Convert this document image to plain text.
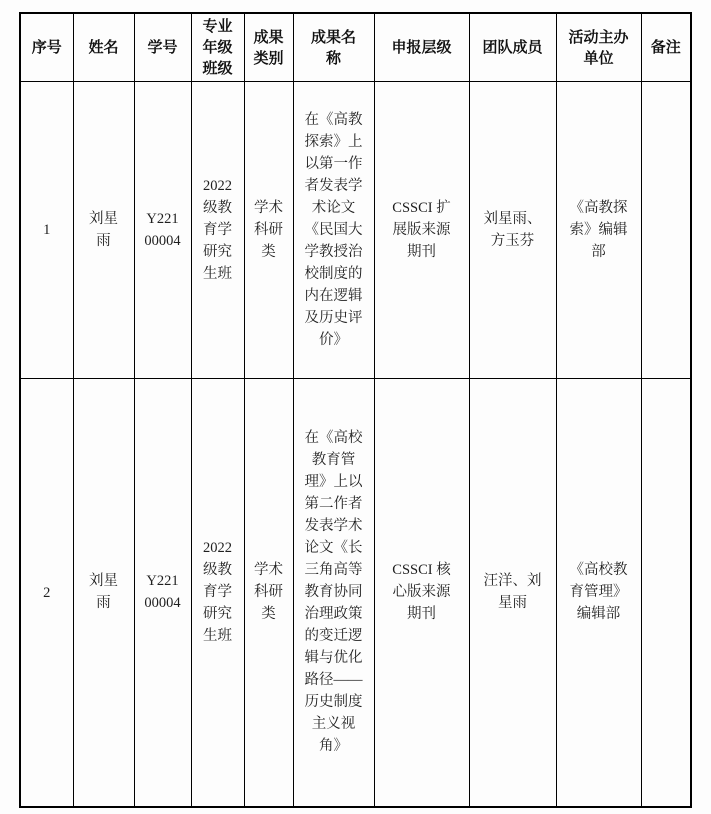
序号	姓名	学号	专业年级班级	成果类别	成果名称	申报层级	团队成员	活动主办单位	备注
1	刘星雨	Y22100004	2022级教育学研究生班	学术科研类	在《高教探索》上以第一作者发表学术论文《民国大学教授治校制度的内在逻辑及历史评价》	CSSCI 扩展版来源期刊	刘星雨、方玉芬	《高教探索》编辑部	
2	刘星雨	Y22100004	2022级教育学研究生班	学术科研类	在《高校教育管理》上以第二作者发表学术论文《长三角高等教育协同治理政策的变迁逻辑与优化路径——历史制度主义视角》	CSSCI 核心版来源期刊	汪洋、刘星雨	《高校教育管理》编辑部	
